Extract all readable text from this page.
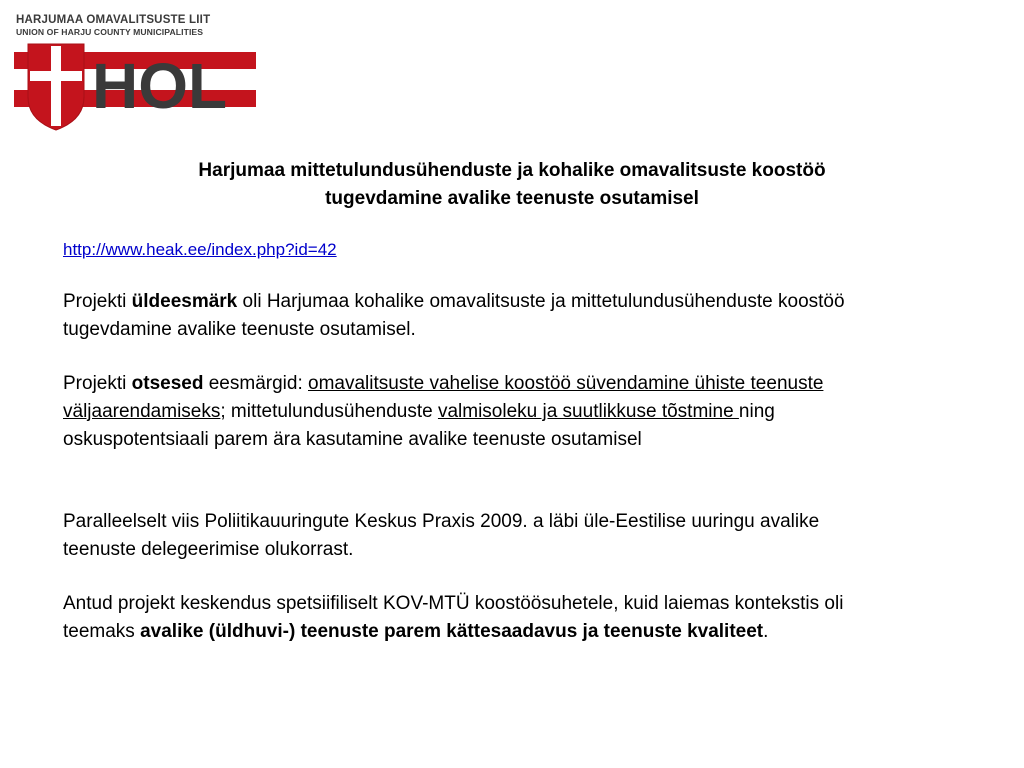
HARJUMAA OMAVALITSUSTE LIIT
UNION OF HARJU COUNTY MUNICIPALITIES
HOL
Harjumaa mittetulundusühenduste ja kohalike omavalitsuste koostöö
tugevdamine avalike teenuste osutamisel
http://www.heak.ee/index.php?id=42
Projekti üldeesmärk oli Harjumaa kohalike omavalitsuste ja mittetulundusühenduste koostöö tugevdamine avalike teenuste osutamisel.
Projekti otsesed eesmärgid: omavalitsuste vahelise koostöö süvendamine ühiste teenuste väljaarendamiseks; mittetulundusühenduste valmisoleku ja suutlikkuse tõstmine ning oskuspotentsiaali parem ära kasutamine avalike teenuste osutamisel
Paralleelselt viis Poliitikauuringute Keskus Praxis 2009. a läbi üle-Eestilise uuringu avalike teenuste delegeerimise olukorrast.
Antud projekt keskendus spetsiifiliselt KOV-MTÜ koostöösuhetele, kuid laiemas kontekstis oli teemaks avalike (üldhuvi-) teenuste parem kättesaadavus ja teenuste kvaliteet.
